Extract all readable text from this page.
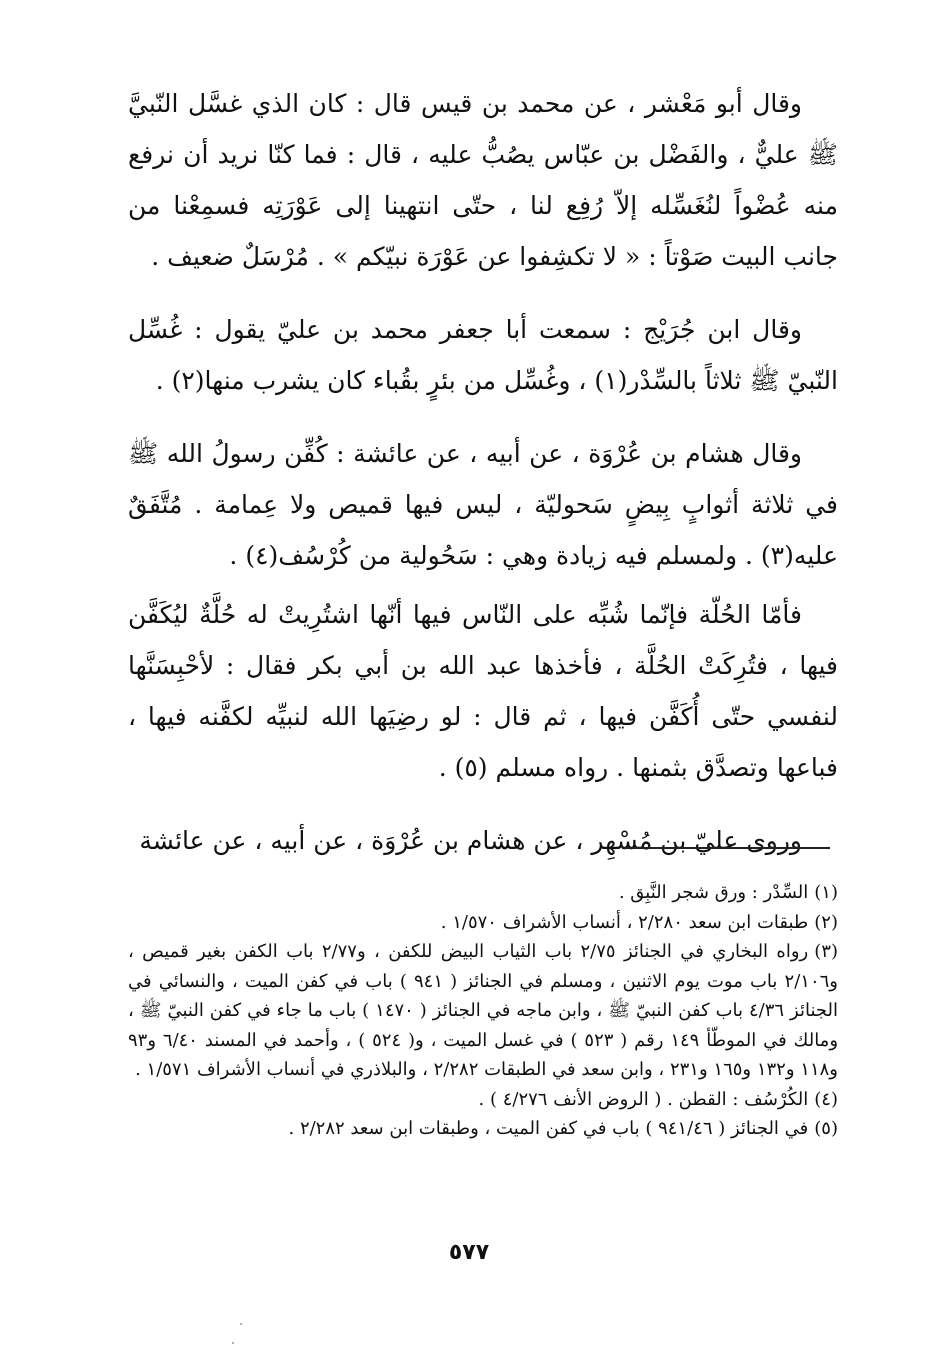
وقال أبو مَعْشر ، عن محمد بن قيس قال : كان الذي غسَّل النّبيَّ ﷺ عليٌّ ، والفَضْل بن عبّاس يصُبُّ عليه ، قال : فما كنّا نريد أن نرفع منه عُضْواً لنُغَسِّله إلاّ رُفِع لنا ، حتّى انتهينا إلى عَوْرَتِه فسمِعْنا من جانب البيت صَوْتاً : « لا تكشِفوا عن عَوْرَة نبيّكم » . مُرْسَلٌ ضعيف .

وقال ابن جُرَيْج : سمعت أبا جعفر محمد بن عليّ يقول : غُسِّل النّبيّ ﷺ ثلاثاً بالسِّدْر(١) ، وغُسِّل من بئرٍ بقُباء كان يشرب منها(٢) .

وقال هشام بن عُرْوَة ، عن أبيه ، عن عائشة : كُفِّن رسولُ الله ﷺ في ثلاثة أثوابٍ بِيضٍ سَحوليّة ، ليس فيها قميص ولا عِمامة . مُتَّفَقٌ عليه(٣) . ولمسلم فيه زيادة وهي : سَحُولية من كُرْسُف(٤) .

فأمّا الحُلّة فإنّما شُبِّه على النّاس فيها أنّها اشتُرِيتْ له حُلَّةٌ ليُكَفَّن فيها ، فتُرِكَتْ الحُلَّة ، فأخذها عبد الله بن أبي بكر فقال : لأحْبِسَنَّها لنفسي حتّى أُكَفَّن فيها ، ثم قال : لو رضِيَها الله لنبيِّه لكفَّنه فيها ، فباعها وتصدَّق بثمنها . رواه مسلم (٥) .

وروى عليّ بن مُسْهِر ، عن هشام بن عُرْوَة ، عن أبيه ، عن عائشة

(١)السِّدْر : ورق شجر النَّبِق .

(٢)طبقات ابن سعد ٢/٢٨٠ ، أنساب الأشراف ١/٥٧٠ .

(٣)رواه البخاري في الجنائز ٢/٧٥ باب الثياب البيض للكفن ، و٢/٧٧ باب الكفن بغير قميص ، و٢/١٠٦ باب موت يوم الاثنين ، ومسلم في الجنائز ( ٩٤١ ) باب في كفن الميت ، والنسائي في الجنائز ٤/٣٦ باب كفن النبيّ ﷺ ، وابن ماجه في الجنائز ( ١٤٧٠ ) باب ما جاء في كفن النبيّ ﷺ ، ومالك في الموطّأ ١٤٩ رقم ( ٥٢٣ ) في غسل الميت ، و( ٥٢٤ ) ، وأحمد في المسند ٦/٤٠ و٩٣ و١١٨ و١٣٢ و١٦٥ و٢٣١ ، وابن سعد في الطبقات ٢/٢٨٢ ، والبلاذري في أنساب الأشراف ١/٥٧١ .

(٤)الكُرْسُف : القطن . ( الروض الأنف ٤/٢٧٦ ) .

(٥)في الجنائز ( ٩٤١/٤٦ ) باب في كفن الميت ، وطبقات ابن سعد ٢/٢٨٢ .

٥٧٧
